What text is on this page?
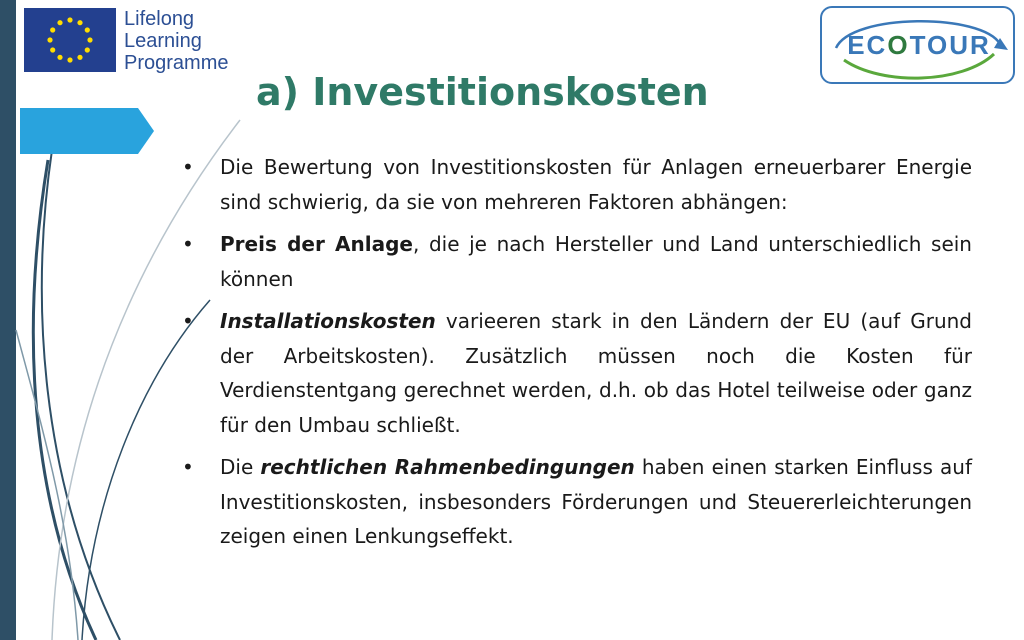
Lifelong
Learning
Programme
ECOTOUR
a) Investitionskosten
• Die Bewertung von Investitionskosten für Anlagen erneuerbarer Energie sind schwierig, da sie von mehreren Faktoren abhängen:
• Preis der Anlage, die je nach Hersteller und Land unterschiedlich sein können
• Installationskosten varieeren stark in den Ländern der EU (auf Grund der Arbeitskosten). Zusätzlich müssen noch die Kosten für Verdienstentgang gerechnet werden, d.h. ob das Hotel teilweise oder ganz für den Umbau schließt.
• Die rechtlichen Rahmenbedingungen haben einen starken Einfluss auf Investitionskosten, insbesonders Förderungen und Steuererleichterungen zeigen einen Lenkungseffekt.
